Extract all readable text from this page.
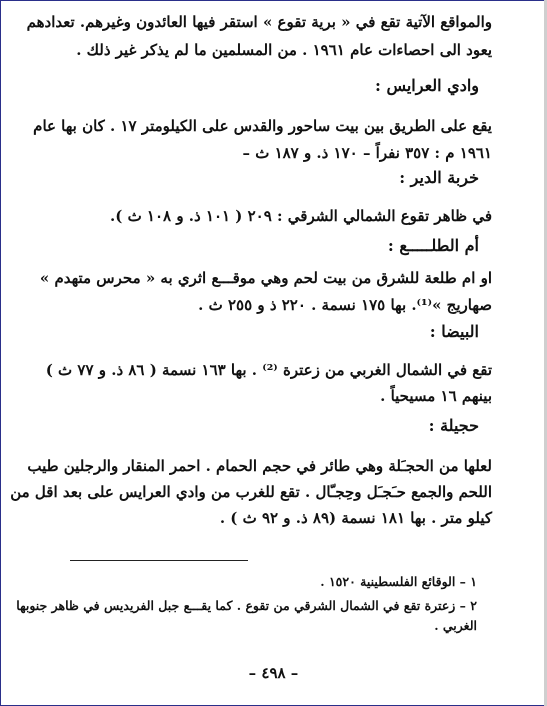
والمواقع الآتية تقع في « برية تقوع » استقر فيها العائدون وغيرهم. تعدادهم
يعود الى احصاءات عام ١٩٦١ . من المسلمين ما لم يذكر غير ذلك .
وادي العرايس :
يقع على الطريق بين بيت ساحور والقدس على الكيلومتر ١٧ . كان بها عام
١٩٦١ م : ٣٥٧ نفراً – ١٧٠ ذ. و ١٨٧ ث –
خربة الدير :
في ظاهر تقوع الشمالي الشرقي : ٢٠٩ ( ١٠١ ذ. و ١٠٨ ث ).
أم الطلـــــع :
او ام طلعة للشرق من بيت لحم وهي موقـــع اثري به « محرس متهدم »
صهاريج »⁽¹⁾. بها ١٧٥ نسمة . ٢٢٠ ذ و ٢٥٥ ث .
البيضا :
تقع في الشمال الغربي من زعترة ⁽²⁾ . بها ١٦٣ نسمة ( ٨٦ ذ. و ٧٧ ث )
بينهم ١٦ مسيحياً .
حجيلة :
لعلها من الحجـَلة وهي طائر في حجم الحمام . احمر المنقار والرجلين طيب
اللحم والجمع حـَجـَل وحِجـّال . تقع للغرب من وادي العرايس على بعد اقل من
كيلو متر . بها ١٨١ نسمة (٨٩ ذ. و ٩٢ ث ) .
١ – الوقائع الفلسطينية ١٥٢٠ .
٢ – زعترة تقع في الشمال الشرقي من تقوع . كما يقـــع جبل الفريديس في ظاهر جنوبها
الغربي .
– ٤٩٨ –
